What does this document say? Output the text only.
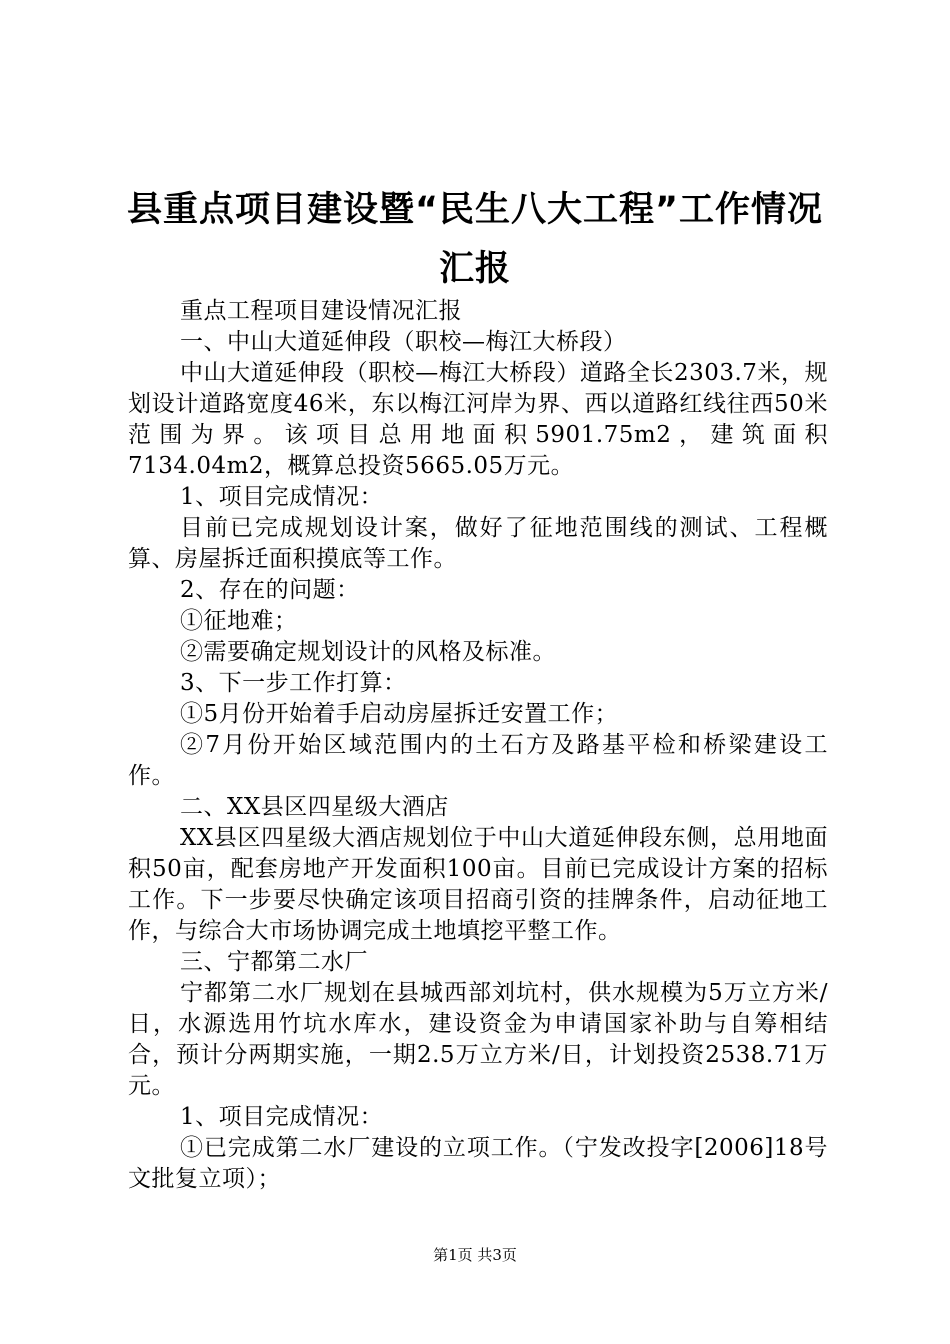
县重点项目建设暨“民生八大工程”工作情况
汇报

重点工程项目建设情况汇报

一、中山大道延伸段（职校—梅江大桥段）

中山大道延伸段（职校—梅江大桥段）道路全长2303.7米，规划设计道路宽度46米，东以梅江河岸为界、西以道路红线往西50米范围为界。该项目总用地面积5901.75m2，建筑面积7134.04m2，概算总投资5665.05万元。

1、项目完成情况：

目前已完成规划设计案，做好了征地范围线的测试、工程概算、房屋拆迁面积摸底等工作。

2、存在的问题：

①征地难；

②需要确定规划设计的风格及标准。

3、下一步工作打算：

①5月份开始着手启动房屋拆迁安置工作；

②7月份开始区域范围内的土石方及路基平检和桥梁建设工作。

二、XX县区四星级大酒店

XX县区四星级大酒店规划位于中山大道延伸段东侧，总用地面积50亩，配套房地产开发面积100亩。目前已完成设计方案的招标工作。下一步要尽快确定该项目招商引资的挂牌条件，启动征地工作，与综合大市场协调完成土地填挖平整工作。

三、宁都第二水厂

宁都第二水厂规划在县城西部刘坑村，供水规模为5万立方米/日，水源选用竹坑水库水，建设资金为申请国家补助与自筹相结合，预计分两期实施，一期2.5万立方米/日，计划投资2538.71万元。

1、项目完成情况：

①已完成第二水厂建设的立项工作。（宁发改投字[2006]18号文批复立项）；

第1页 共3页
